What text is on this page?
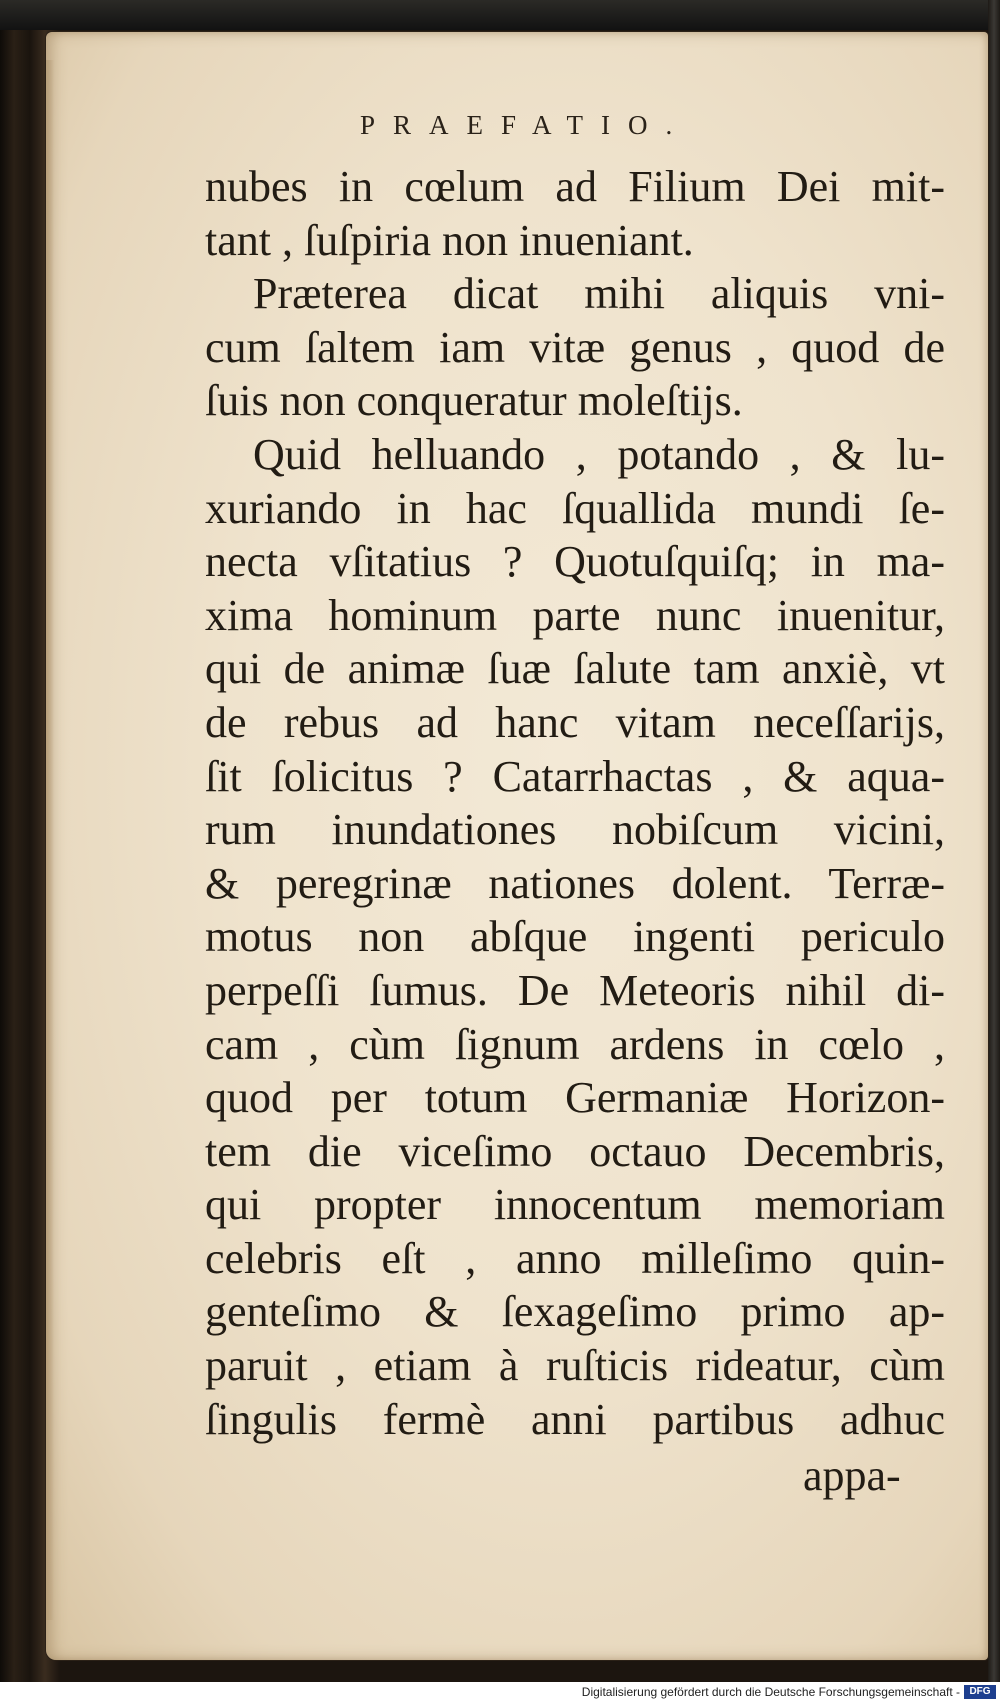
PRAEFATIO.
nubes in cœlum ad Filium Dei mit-
tant , ſuſpiria non inueniant.
Præterea dicat mihi aliquis vni-
cum ſaltem iam vitæ genus , quod de
ſuis non conqueratur moleſtijs.
Quid helluando , potando , & lu-
xuriando in hac ſquallida mundi ſe-
necta vſitatius ? Quotuſquiſq; in ma-
xima hominum parte nunc inuenitur,
qui de animæ ſuæ ſalute tam anxiè, vt
de rebus ad hanc vitam neceſſarijs,
ſit ſolicitus ? Catarrhactas , & aqua-
rum inundationes nobiſcum vicini,
& peregrinæ nationes dolent. Terræ-
motus non abſque ingenti periculo
perpeſſi ſumus. De Meteoris nihil di-
cam , cùm ſignum ardens in cœlo ,
quod per totum Germaniæ Horizon-
tem die viceſimo octauo Decembris,
qui propter innocentum memoriam
celebris eſt , anno milleſimo quin-
genteſimo & ſexageſimo primo ap-
paruit , etiam à ruſticis rideatur, cùm
ſingulis fermè anni partibus adhuc
appa-
Digitalisierung gefördert durch die Deutsche Forschungsgemeinschaft - DFG
